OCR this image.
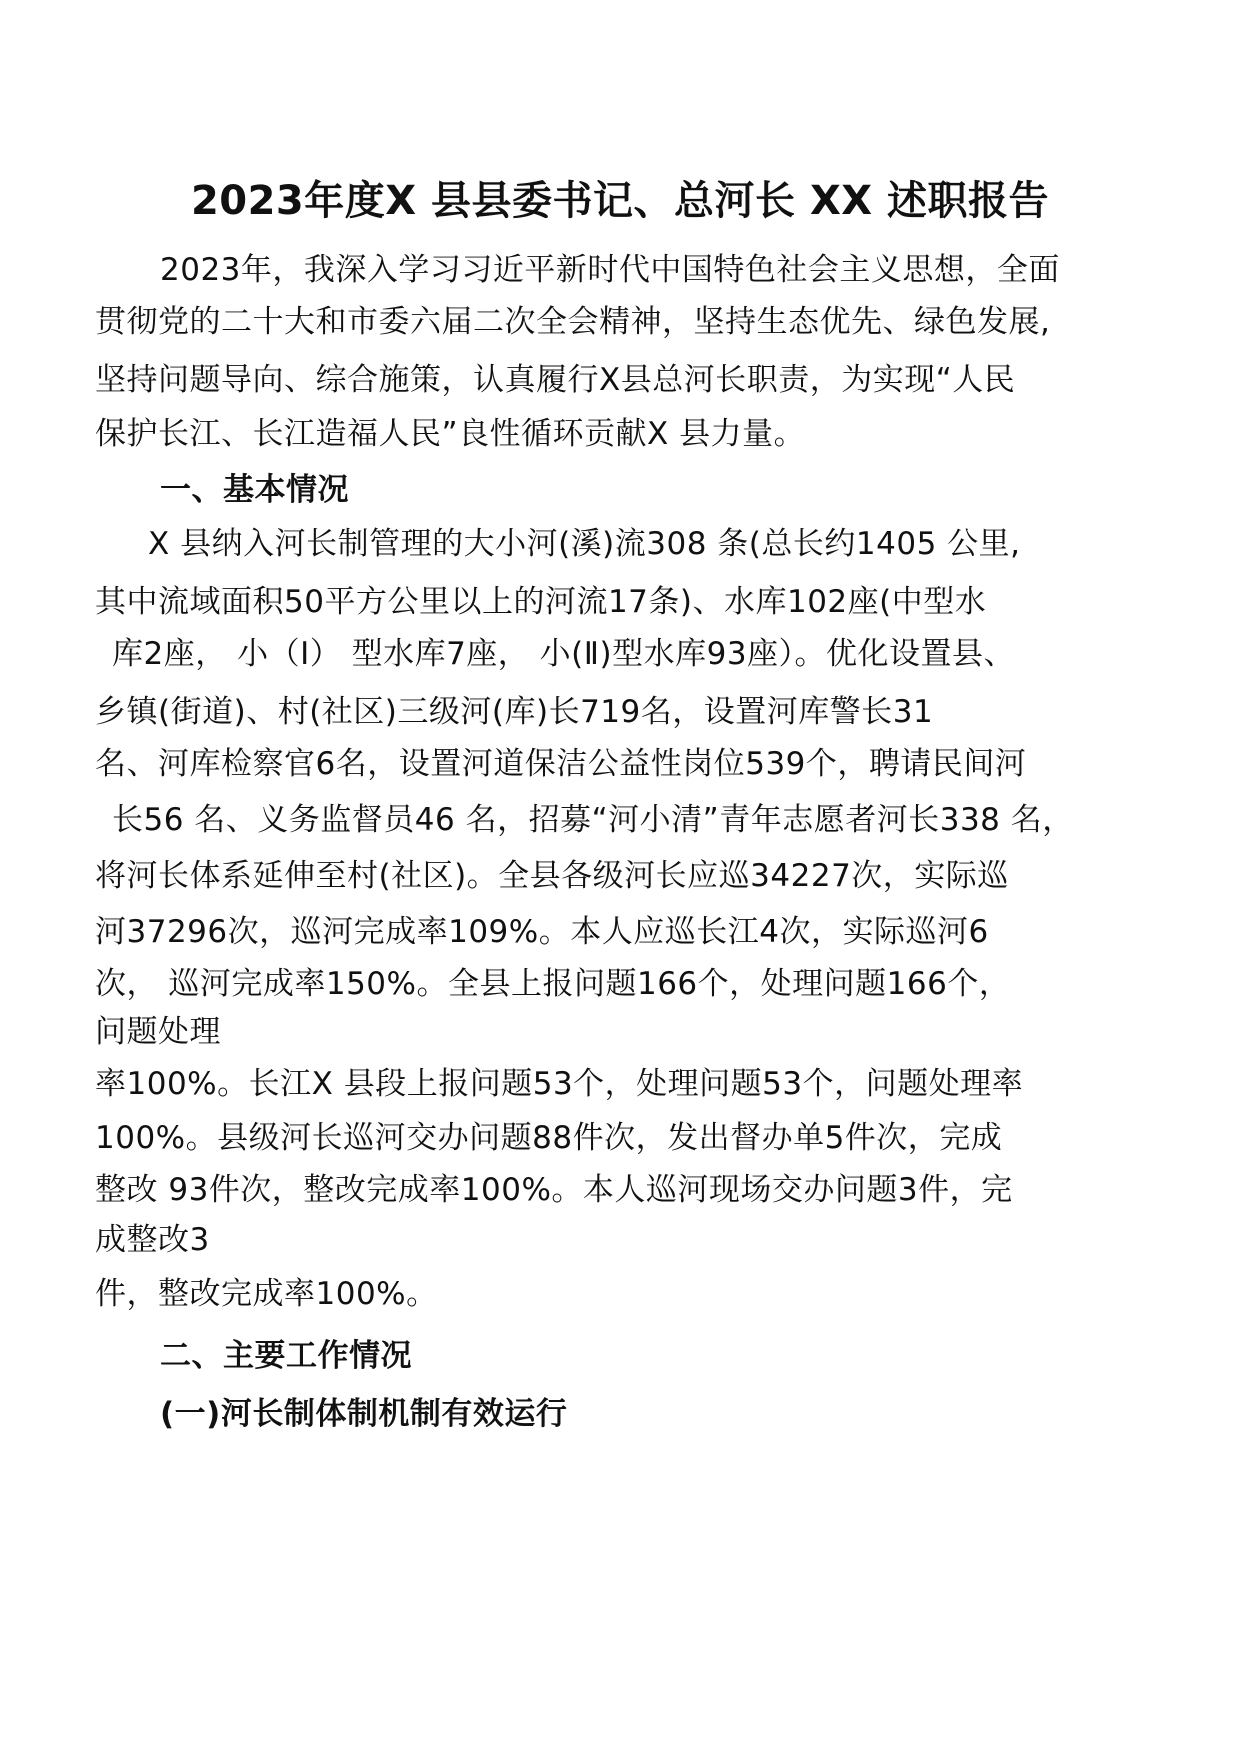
2023年度X 县县委书记、总河长 XX 述职报告
2023年，我深入学习习近平新时代中国特色社会主义思想，全面
贯彻党的二十大和市委六届二次全会精神，坚持生态优先、绿色发展,
坚持问题导向、综合施策，认真履行X县总河长职责，为实现“人民
保护长江、长江造福人民”良性循环贡献X 县力量。
一、基本情况
X 县纳入河长制管理的大小河(溪)流308 条(总长约1405 公里,
其中流域面积50平方公里以上的河流17条)、水库102座(中型水
库2座， 小（I） 型水库7座， 小(Ⅱ)型水库93座）。优化设置县、
乡镇(街道)、村(社区)三级河(库)长719名，设置河库警长31
名、河库检察官6名，设置河道保洁公益性岗位539个，聘请民间河
长56 名、义务监督员46 名，招募“河小清”青年志愿者河长338 名，
将河长体系延伸至村(社区)。全县各级河长应巡34227次，实际巡
河37296次，巡河完成率109%。本人应巡长江4次，实际巡河6
次， 巡河完成率150%。全县上报问题166个，处理问题166个，
问题处理
率100%。长江X 县段上报问题53个，处理问题53个，问题处理率
100%。县级河长巡河交办问题88件次，发出督办单5件次，完成
整改 93件次，整改完成率100%。本人巡河现场交办问题3件，完
成整改3
件，整改完成率100%。
二、主要工作情况
(一)河长制体制机制有效运行
